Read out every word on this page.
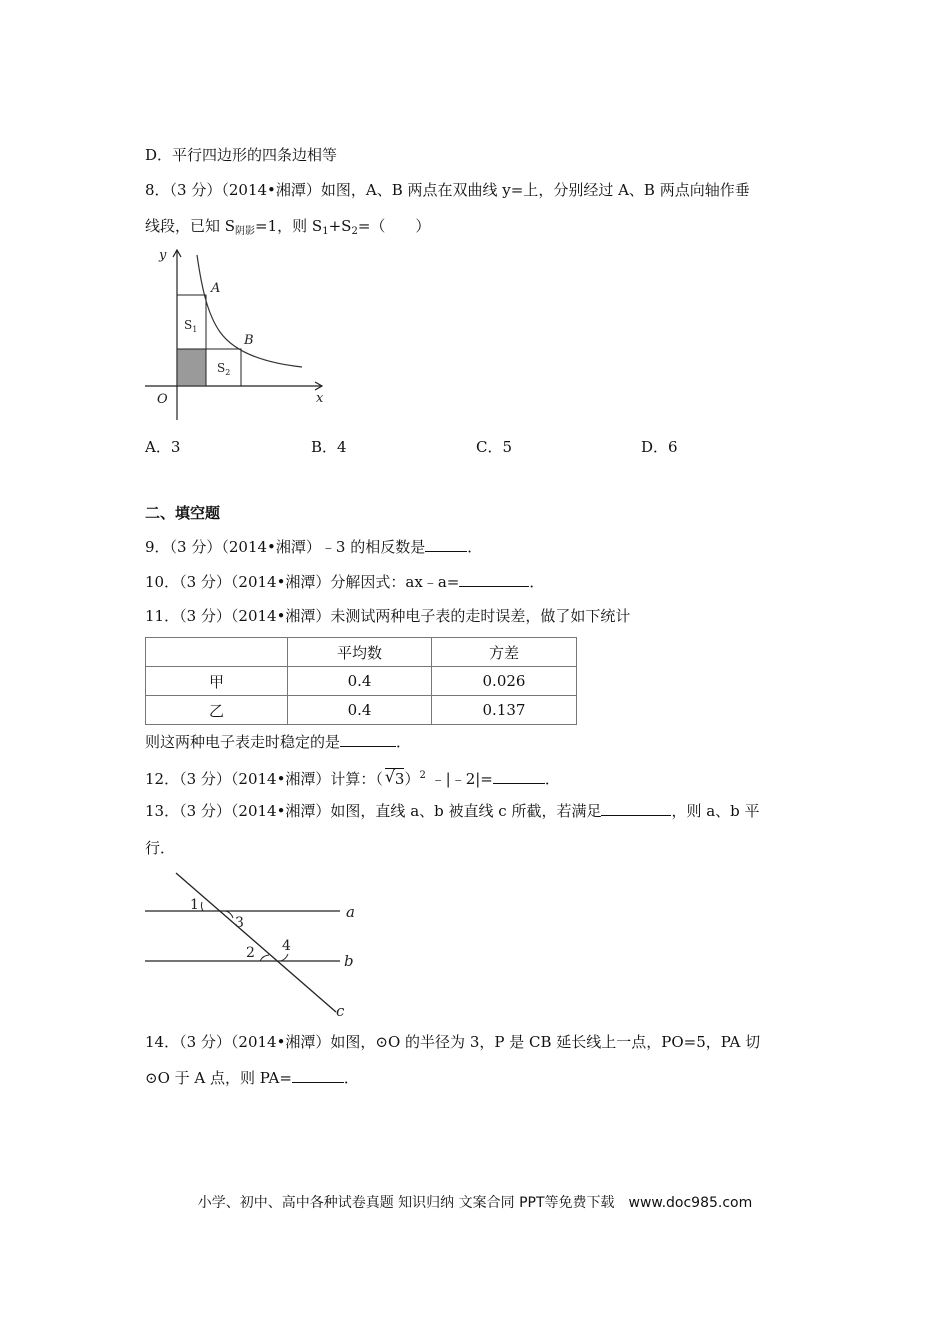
D．平行四边形的四条边相等
8．（3 分）（2014•湘潭）如图，A、B 两点在双曲线 y=上，分别经过 A、B 两点向轴作垂
线段，已知 $S_{阴影}=1$，则 $S_1+S_2=$（　　）
y
x
O
A
B
$S_1$
$S_2$
A．3	B．4	C．5	D．6
二、填空题
9．（3 分）（2014•湘潭）﹣3 的相反数是	．
10．（3 分）（2014•湘潭）分解因式：ax﹣a=	．
11．（3 分）（2014•湘潭）未测试两种电子表的走时误差，做了如下统计
	平均数	方差
甲	0.4	0.026
乙	0.4	0.137
则这两种电子表走时稳定的是	．
12．（3 分）（2014•湘潭）计算：（ √ 3）$^2$ ﹣|﹣2|=	．
13．（3 分）（2014•湘潭）如图，直线 a、b 被直线 c 所截，若满足	，则 a、b 平
行．
1
3
2 4
a
b
c
14．（3 分）（2014•湘潭）如图，⊙O 的半径为 3，P 是 CB 延长线上一点，PO=5，PA 切
⊙O 于 A 点，则 PA=	．
小学、初中、高中各种试卷真题 知识归纳 文案合同 PPT等免费下载　www.doc985.com
